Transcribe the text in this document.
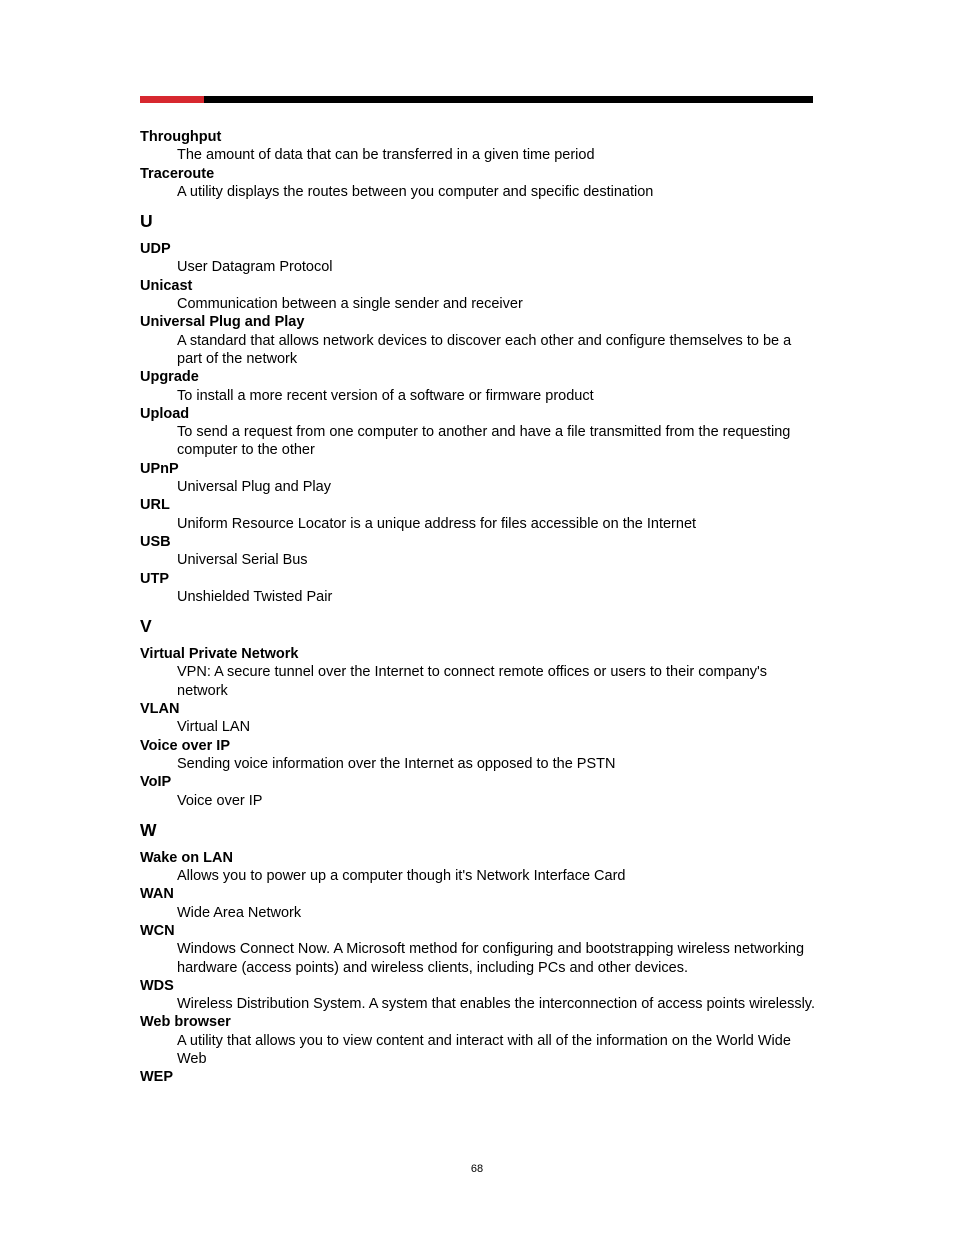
Throughput
The amount of data that can be transferred in a given time period
Traceroute
A utility displays the routes between you computer and specific destination
U
UDP
User Datagram Protocol
Unicast
Communication between a single sender and receiver
Universal Plug and Play
A standard that allows network devices to discover each other and configure themselves to be a part of the network
Upgrade
To install a more recent version of a software or firmware product
Upload
To send a request from one computer to another and have a file transmitted from the requesting computer to the other
UPnP
Universal Plug and Play
URL
Uniform Resource Locator is a unique address for files accessible on the Internet
USB
Universal Serial Bus
UTP
Unshielded Twisted Pair
V
Virtual Private Network
VPN: A secure tunnel over the Internet to connect remote offices or users to their company's network
VLAN
Virtual LAN
Voice over IP
Sending voice information over the Internet as opposed to the PSTN
VoIP
Voice over IP
W
Wake on LAN
Allows you to power up a computer though it's Network Interface Card
WAN
Wide Area Network
WCN
Windows Connect Now. A Microsoft method for configuring and bootstrapping wireless networking hardware (access points) and wireless clients, including PCs and other devices.
WDS
Wireless Distribution System. A system that enables the interconnection of access points wirelessly.
Web browser
A utility that allows you to view content and interact with all of the information on the World Wide Web
WEP
68
